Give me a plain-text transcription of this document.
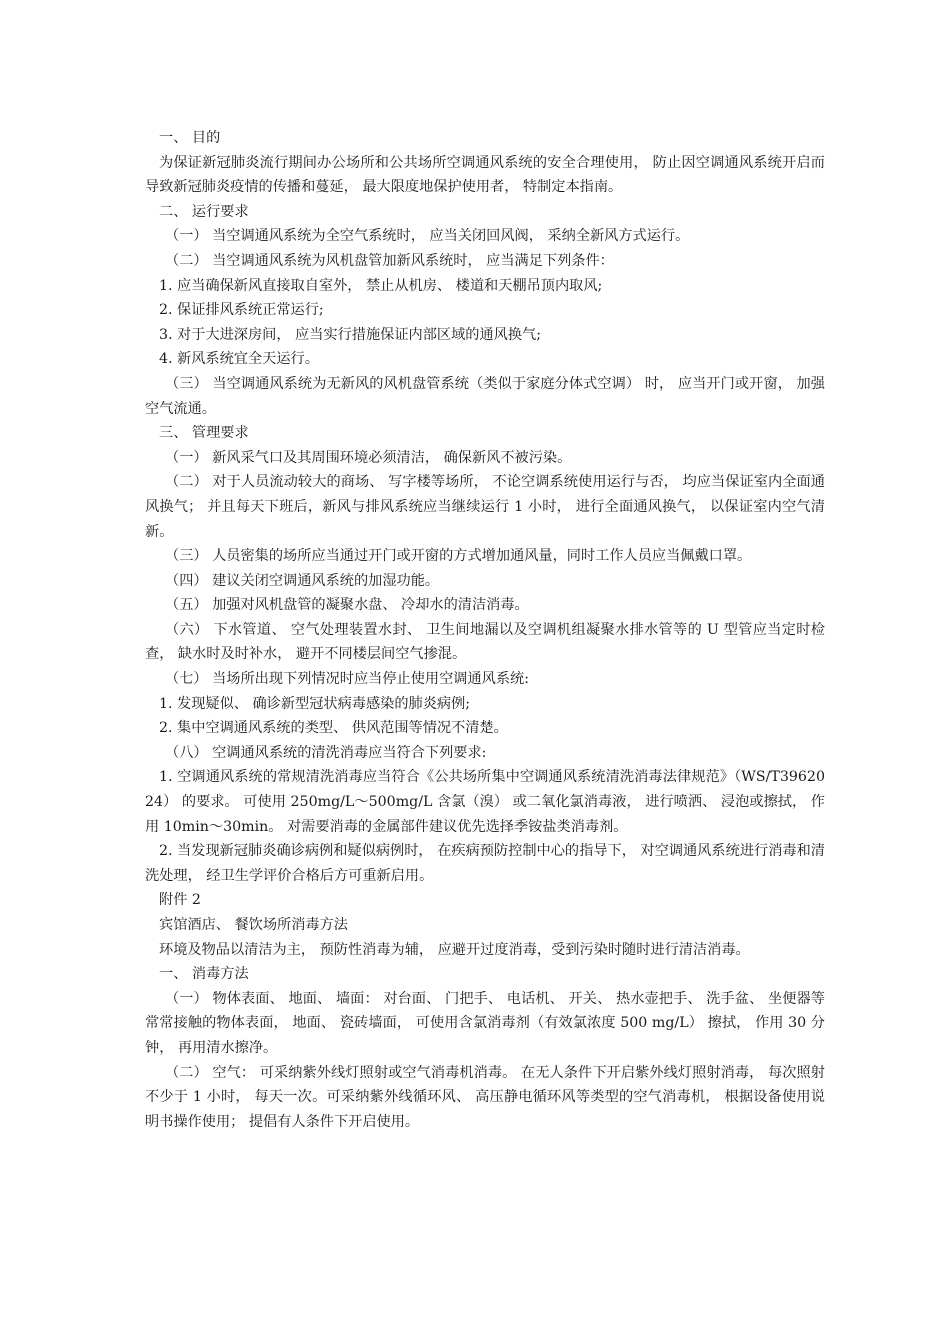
一、 目的

为保证新冠肺炎流行期间办公场所和公共场所空调通风系统的安全合理使用， 防止因空调通风系统开启而导致新冠肺炎疫情的传播和蔓延， 最大限度地保护使用者， 特制定本指南。

二、 运行要求

（一） 当空调通风系统为全空气系统时， 应当关闭回风阀， 采纳全新风方式运行。

（二） 当空调通风系统为风机盘管加新风系统时， 应当满足下列条件：

1. 应当确保新风直接取自室外， 禁止从机房、 楼道和天棚吊顶内取风;

2. 保证排风系统正常运行;

3. 对于大进深房间， 应当实行措施保证内部区域的通风换气;

4. 新风系统宜全天运行。

（三） 当空调通风系统为无新风的风机盘管系统（类似于家庭分体式空调） 时， 应当开门或开窗， 加强空气流通。

三、 管理要求

（一） 新风采气口及其周围环境必须清洁， 确保新风不被污染。

（二） 对于人员流动较大的商场、 写字楼等场所， 不论空调系统使用运行与否， 均应当保证室内全面通风换气； 并且每天下班后，新风与排风系统应当继续运行 1 小时， 进行全面通风换气， 以保证室内空气清新。

（三） 人员密集的场所应当通过开门或开窗的方式增加通风量，同时工作人员应当佩戴口罩。

（四） 建议关闭空调通风系统的加湿功能。

（五） 加强对风机盘管的凝聚水盘、 冷却水的清洁消毒。

（六） 下水管道、 空气处理装置水封、 卫生间地漏以及空调机组凝聚水排水管等的 U 型管应当定时检查， 缺水时及时补水， 避开不同楼层间空气掺混。

（七） 当场所出现下列情况时应当停止使用空调通风系统:

1. 发现疑似、 确诊新型冠状病毒感染的肺炎病例;

2. 集中空调通风系统的类型、 供风范围等情况不清楚。

（八） 空调通风系统的清洗消毒应当符合下列要求:

1. 空调通风系统的常规清洗消毒应当符合《公共场所集中空调通风系统清洗消毒法律规范》（WS/T3962024） 的要求。 可使用 250mg/L～500mg/L 含氯（溴） 或二氧化氯消毒液， 进行喷洒、 浸泡或擦拭， 作用 10min～30min。 对需要消毒的金属部件建议优先选择季铵盐类消毒剂。

2. 当发现新冠肺炎确诊病例和疑似病例时， 在疾病预防控制中心的指导下， 对空调通风系统进行消毒和清洗处理， 经卫生学评价合格后方可重新启用。

附件 2

宾馆酒店、 餐饮场所消毒方法

环境及物品以清洁为主， 预防性消毒为辅， 应避开过度消毒，受到污染时随时进行清洁消毒。

一、 消毒方法

（一） 物体表面、 地面、 墙面： 对台面、 门把手、 电话机、 开关、 热水壶把手、 洗手盆、 坐便器等常常接触的物体表面， 地面、 瓷砖墙面， 可使用含氯消毒剂（有效氯浓度 500 mg/L） 擦拭， 作用 30 分钟， 再用清水擦净。

（二） 空气： 可采纳紫外线灯照射或空气消毒机消毒。 在无人条件下开启紫外线灯照射消毒， 每次照射不少于 1 小时， 每天一次。可采纳紫外线循环风、 高压静电循环风等类型的空气消毒机， 根据设备使用说明书操作使用； 提倡有人条件下开启使用。
